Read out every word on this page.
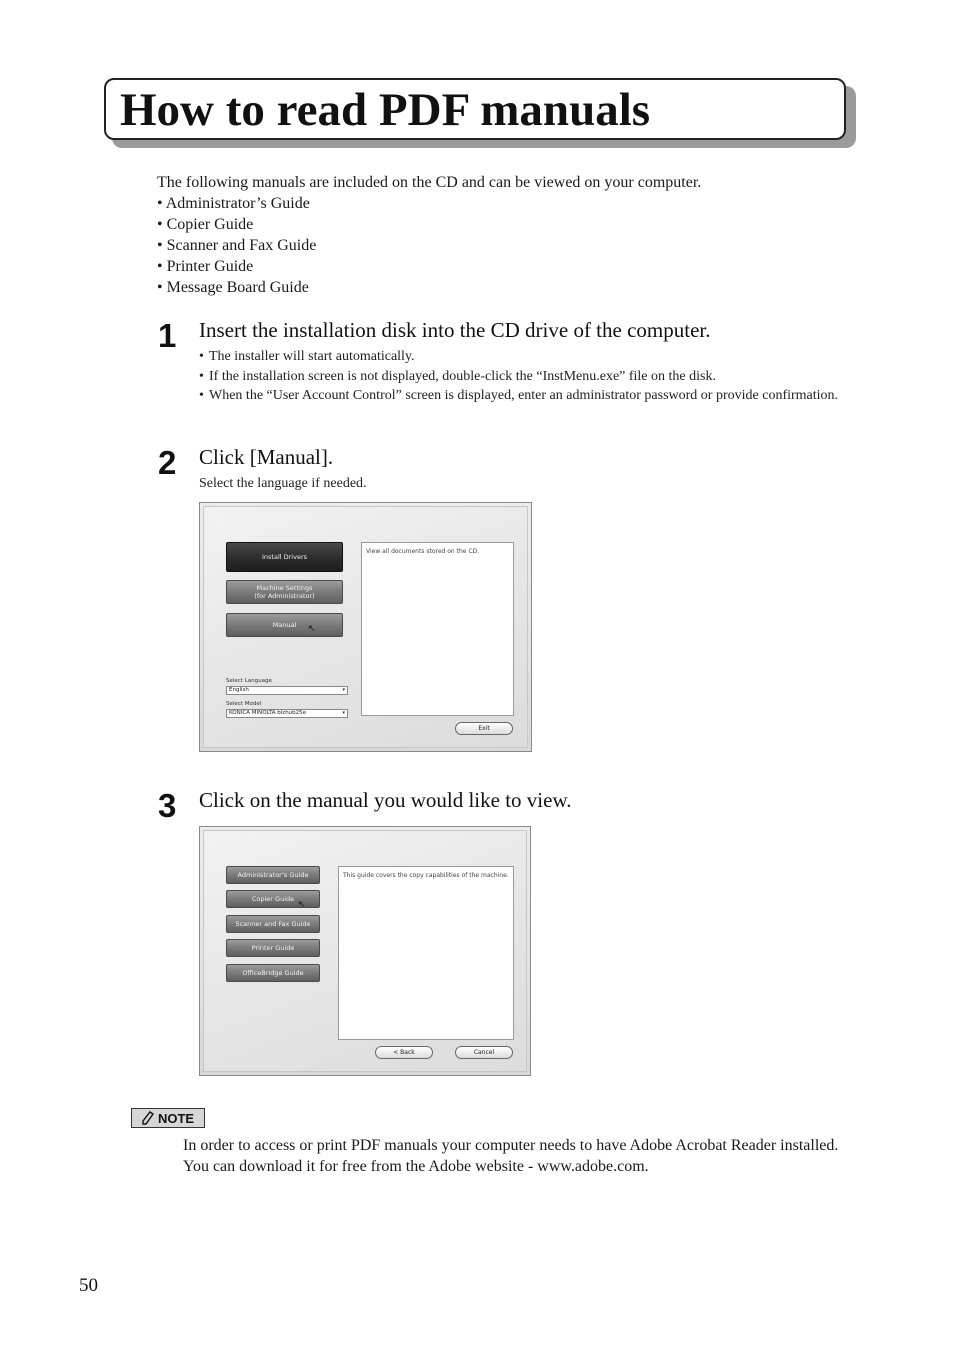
How to read PDF manuals
The following manuals are included on the CD and can be viewed on your computer.
• Administrator’s Guide
• Copier Guide
• Scanner and Fax Guide
• Printer Guide
• Message Board Guide
1 Insert the installation disk into the CD drive of the computer.
• The installer will start automatically.
• If the installation screen is not displayed, double-click the “InstMenu.exe” file on the disk.
• When the “User Account Control” screen is displayed, enter an administrator password or provide confirmation.
2 Click [Manual].
Select the language if needed.
Install Drivers
Machine Settings
(for Administrator)
Manual	↖
Select Language
English	▾
Select Model
KONICA MINOLTA bizhub25e	▾
View all documents stored on the CD.
Exit
3 Click on the manual you would like to view.
Administrator’s Guide
Copier Guide
↖
Scanner and Fax Guide
Printer Guide
OfficeBridge Guide
This guide covers the copy capabilities of the machine.
< Back	Cancel
NOTE
In order to access or print PDF manuals your computer needs to have Adobe Acrobat Reader installed. You can download it for free from the Adobe website - www.adobe.com.
50
